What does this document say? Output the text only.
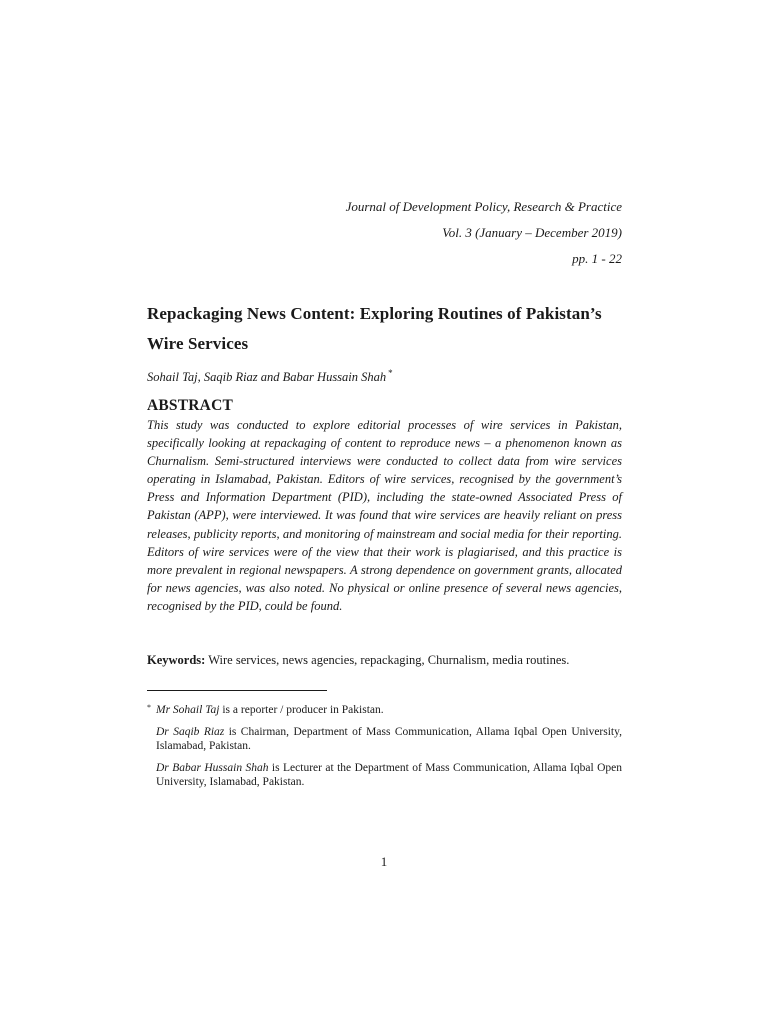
Journal of Development Policy, Research & Practice
Vol. 3 (January – December 2019)
pp. 1 - 22
Repackaging News Content: Exploring Routines of Pakistan’s Wire Services
Sohail Taj, Saqib Riaz and Babar Hussain Shah *
ABSTRACT
This study was conducted to explore editorial processes of wire services in Pakistan, specifically looking at repackaging of content to reproduce news – a phenomenon known as Churnalism. Semi-structured interviews were conducted to collect data from wire services operating in Islamabad, Pakistan. Editors of wire services, recognised by the government’s Press and Information Department (PID), including the state-owned Associated Press of Pakistan (APP), were interviewed. It was found that wire services are heavily reliant on press releases, publicity reports, and monitoring of mainstream and social media for their reporting. Editors of wire services were of the view that their work is plagiarised, and this practice is more prevalent in regional newspapers. A strong dependence on government grants, allocated for news agencies, was also noted. No physical or online presence of several news agencies, recognised by the PID, could be found.
Keywords: Wire services, news agencies, repackaging, Churnalism, media routines.
* Mr Sohail Taj is a reporter / producer in Pakistan.
Dr Saqib Riaz is Chairman, Department of Mass Communication, Allama Iqbal Open University, Islamabad, Pakistan.
Dr Babar Hussain Shah is Lecturer at the Department of Mass Communication, Allama Iqbal Open University, Islamabad, Pakistan.
1
